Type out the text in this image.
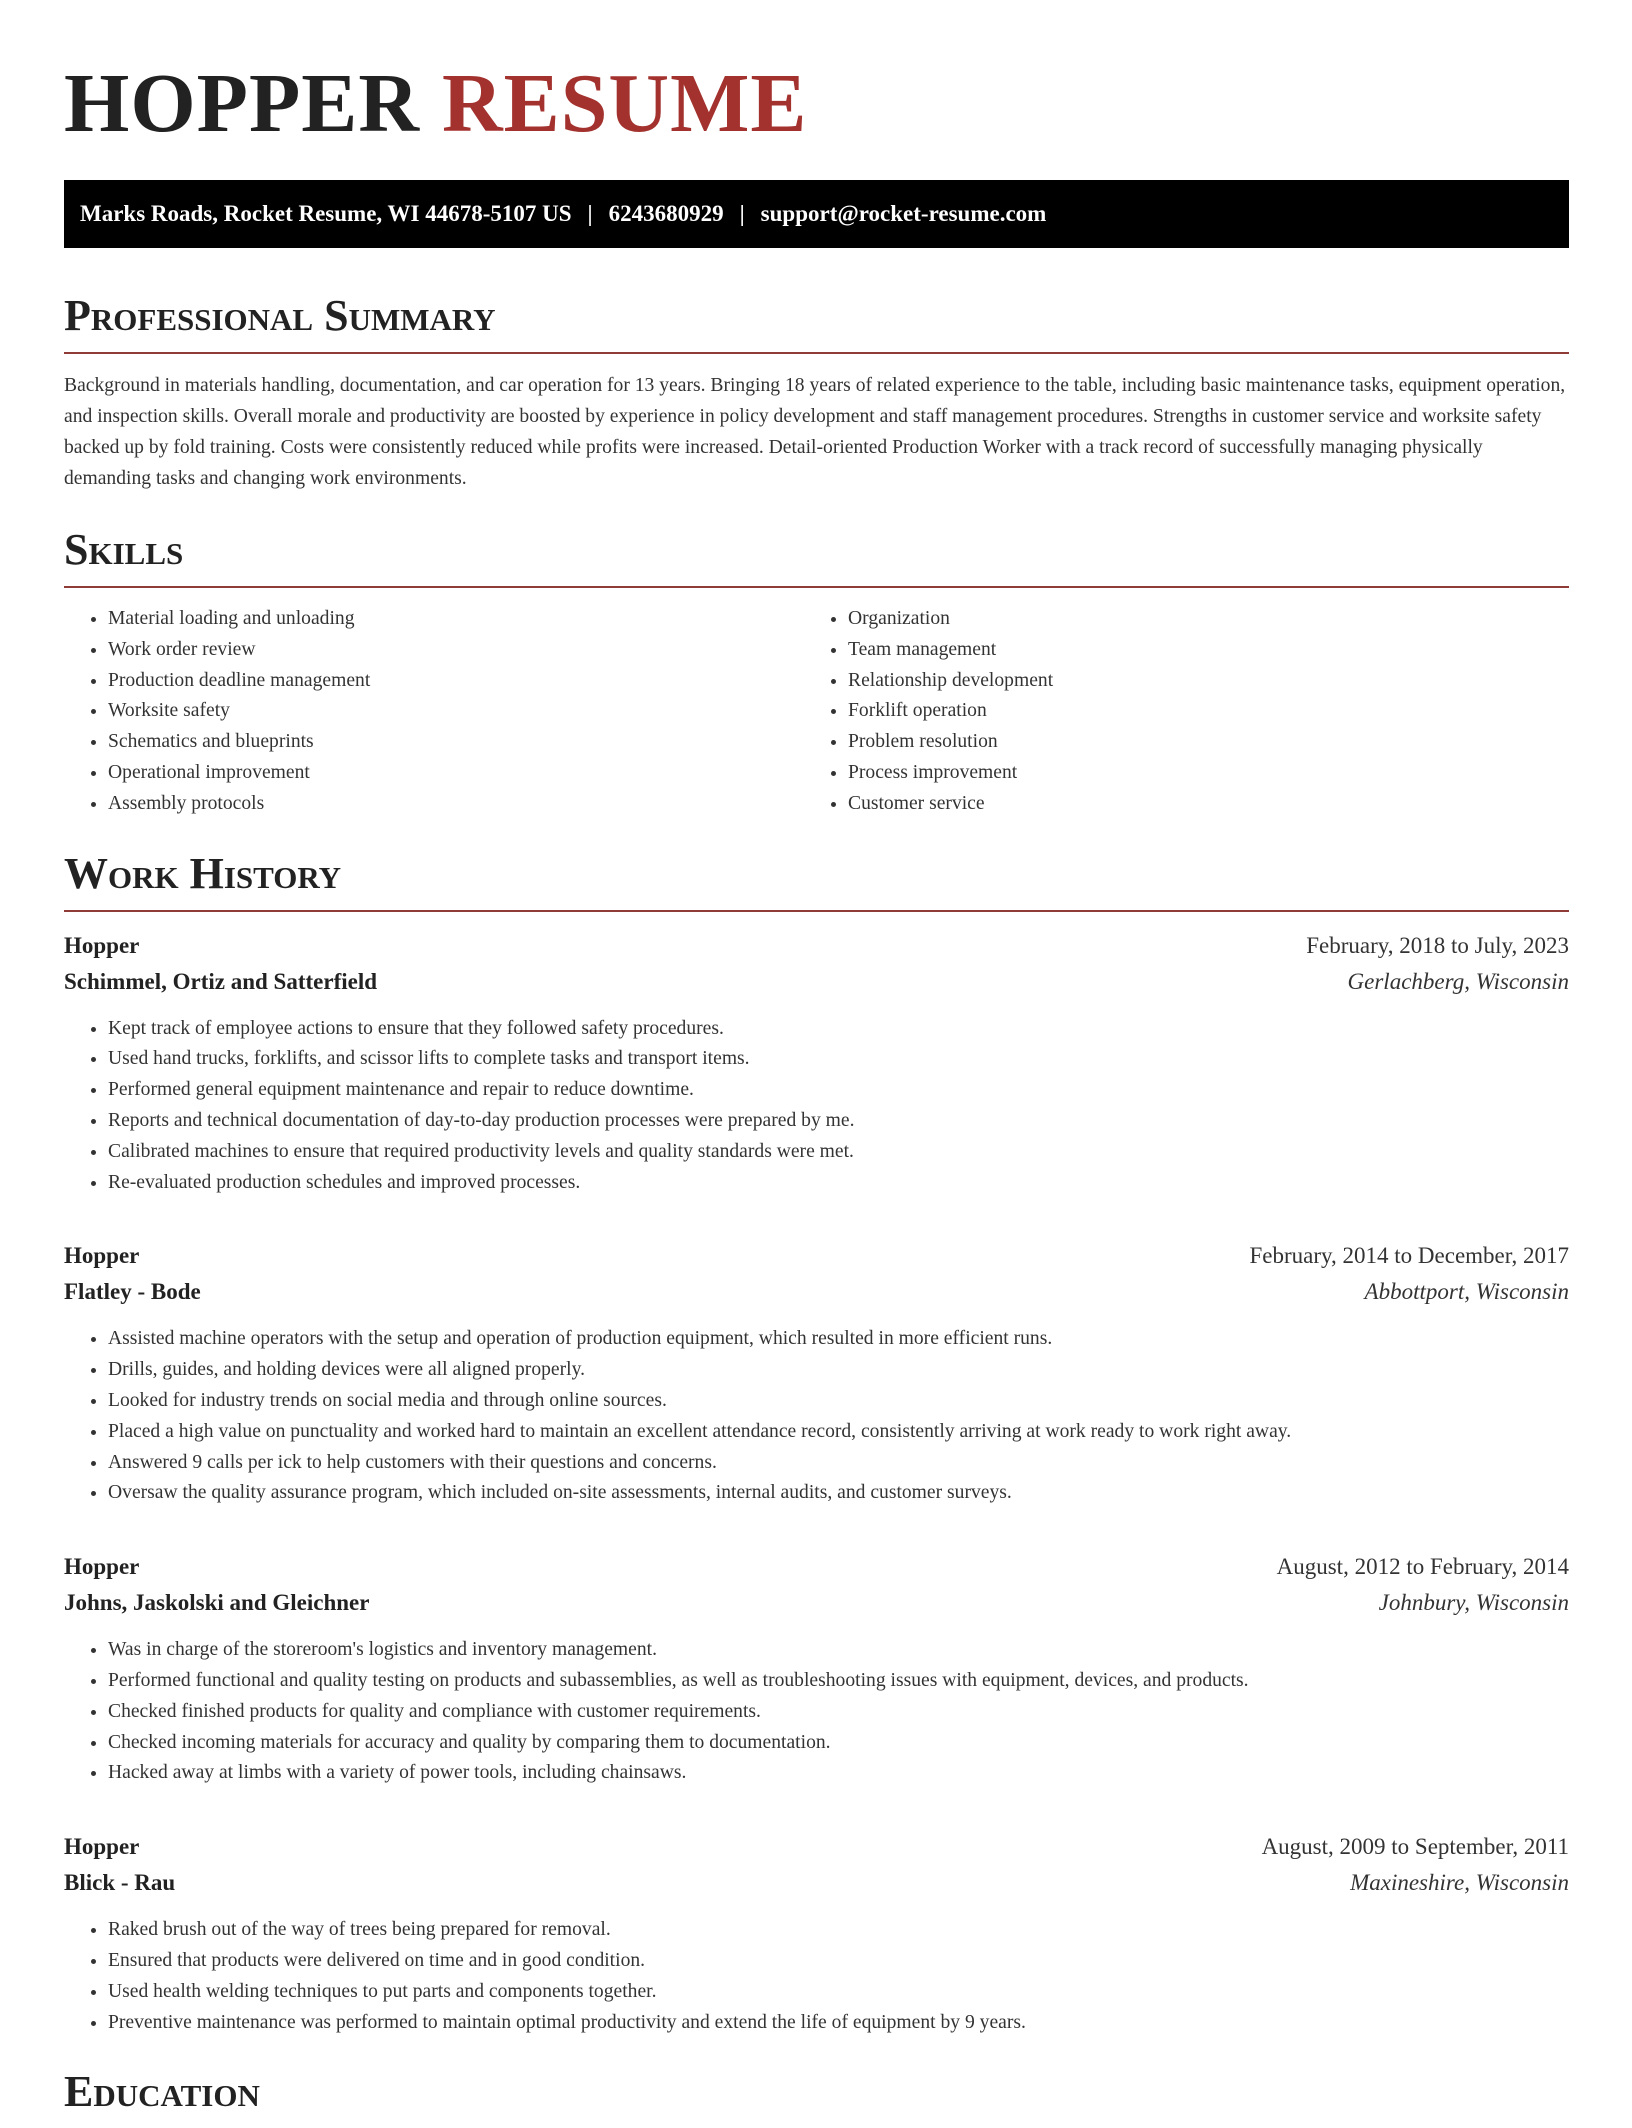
HOPPER RESUME
Marks Roads, Rocket Resume, WI 44678-5107 US | 6243680929 | support@rocket-resume.com
Professional Summary

Background in materials handling, documentation, and car operation for 13 years. Bringing 18 years of related experience to the table, including basic maintenance tasks, equipment operation, and inspection skills. Overall morale and productivity are boosted by experience in policy development and staff management procedures. Strengths in customer service and worksite safety backed up by fold training. Costs were consistently reduced while profits were increased. Detail-oriented Production Worker with a track record of successfully managing physically demanding tasks and changing work environments.

Skills
• Material loading and unloading
• Work order review
• Production deadline management
• Worksite safety
• Schematics and blueprints
• Operational improvement
• Assembly protocols
• Organization
• Team management
• Relationship development
• Forklift operation
• Problem resolution
• Process improvement
• Customer service
Work History
Hopper	February, 2018 to July, 2023
Schimmel, Ortiz and Satterfield	Gerlachberg, Wisconsin
• Kept track of employee actions to ensure that they followed safety procedures.
• Used hand trucks, forklifts, and scissor lifts to complete tasks and transport items.
• Performed general equipment maintenance and repair to reduce downtime.
• Reports and technical documentation of day-to-day production processes were prepared by me.
• Calibrated machines to ensure that required productivity levels and quality standards were met.
• Re-evaluated production schedules and improved processes.
Hopper	February, 2014 to December, 2017
Flatley - Bode	Abbottport, Wisconsin
• Assisted machine operators with the setup and operation of production equipment, which resulted in more efficient runs.
• Drills, guides, and holding devices were all aligned properly.
• Looked for industry trends on social media and through online sources.
• Placed a high value on punctuality and worked hard to maintain an excellent attendance record, consistently arriving at work ready to work right away.
• Answered 9 calls per ick to help customers with their questions and concerns.
• Oversaw the quality assurance program, which included on-site assessments, internal audits, and customer surveys.
Hopper	August, 2012 to February, 2014
Johns, Jaskolski and Gleichner	Johnbury, Wisconsin
• Was in charge of the storeroom's logistics and inventory management.
• Performed functional and quality testing on products and subassemblies, as well as troubleshooting issues with equipment, devices, and products.
• Checked finished products for quality and compliance with customer requirements.
• Checked incoming materials for accuracy and quality by comparing them to documentation.
• Hacked away at limbs with a variety of power tools, including chainsaws.
Hopper	August, 2009 to September, 2011
Blick - Rau	Maxineshire, Wisconsin
• Raked brush out of the way of trees being prepared for removal.
• Ensured that products were delivered on time and in good condition.
• Used health welding techniques to put parts and components together.
• Preventive maintenance was performed to maintain optimal productivity and extend the life of equipment by 9 years.
Education
